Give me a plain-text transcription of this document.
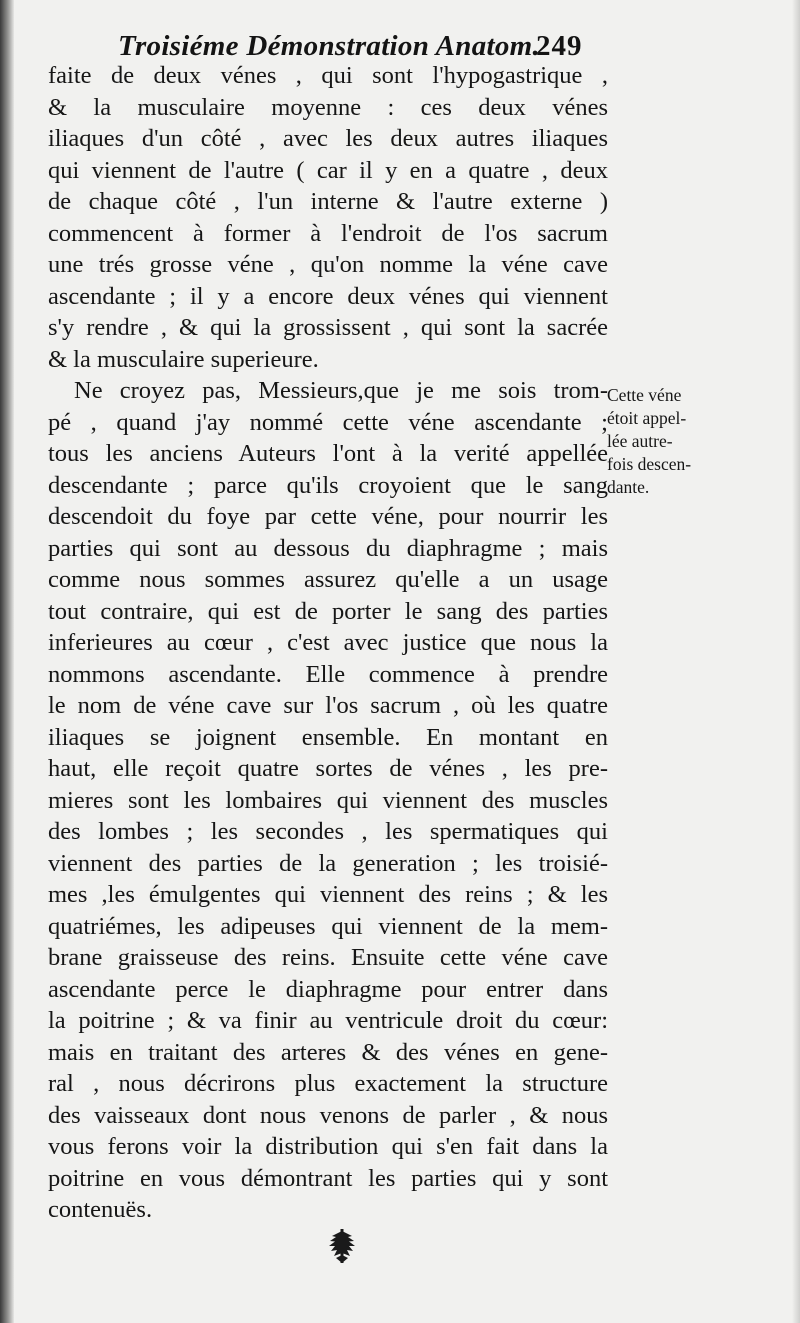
Troisiéme Démonstration Anatom.
249
faite de deux vénes , qui sont l'hypogastrique ,
& la musculaire moyenne : ces deux vénes
iliaques d'un côté , avec les deux autres iliaques
qui viennent de l'autre ( car il y en a quatre , deux
de chaque côté , l'un interne & l'autre externe )
commencent à former à l'endroit de l'os sacrum
une trés grosse véne , qu'on nomme la véne cave
ascendante ; il y a encore deux vénes qui viennent
s'y rendre , & qui la grossissent , qui sont la sacrée
& la musculaire superieure.
Ne croyez pas, Messieurs,que je me sois trom-
pé , quand j'ay nommé cette véne ascendante ;
tous les anciens Auteurs l'ont à la verité appellée
descendante ; parce qu'ils croyoient que le sang
descendoit du foye par cette véne, pour nourrir les
parties qui sont au dessous du diaphragme ; mais
comme nous sommes assurez qu'elle a un usage
tout contraire, qui est de porter le sang des parties
inferieures au cœur , c'est avec justice que nous la
nommons ascendante. Elle commence à prendre
le nom de véne cave sur l'os sacrum , où les quatre
iliaques se joignent ensemble. En montant en
haut, elle reçoit quatre sortes de vénes , les pre-
mieres sont les lombaires qui viennent des muscles
des lombes ; les secondes , les spermatiques qui
viennent des parties de la generation ; les troisié-
mes ,les émulgentes qui viennent des reins ; & les
quatriémes, les adipeuses qui viennent de la mem-
brane graisseuse des reins. Ensuite cette véne cave
ascendante perce le diaphragme pour entrer dans
la poitrine ; & va finir au ventricule droit du cœur:
mais en traitant des arteres & des vénes en gene-
ral , nous décrirons plus exactement la structure
des vaisseaux dont nous venons de parler , & nous
vous ferons voir la distribution qui s'en fait dans la
poitrine en vous démontrant les parties qui y sont
contenuës.
Cette véne
étoit appel-
lée autre-
fois descen-
dante.
